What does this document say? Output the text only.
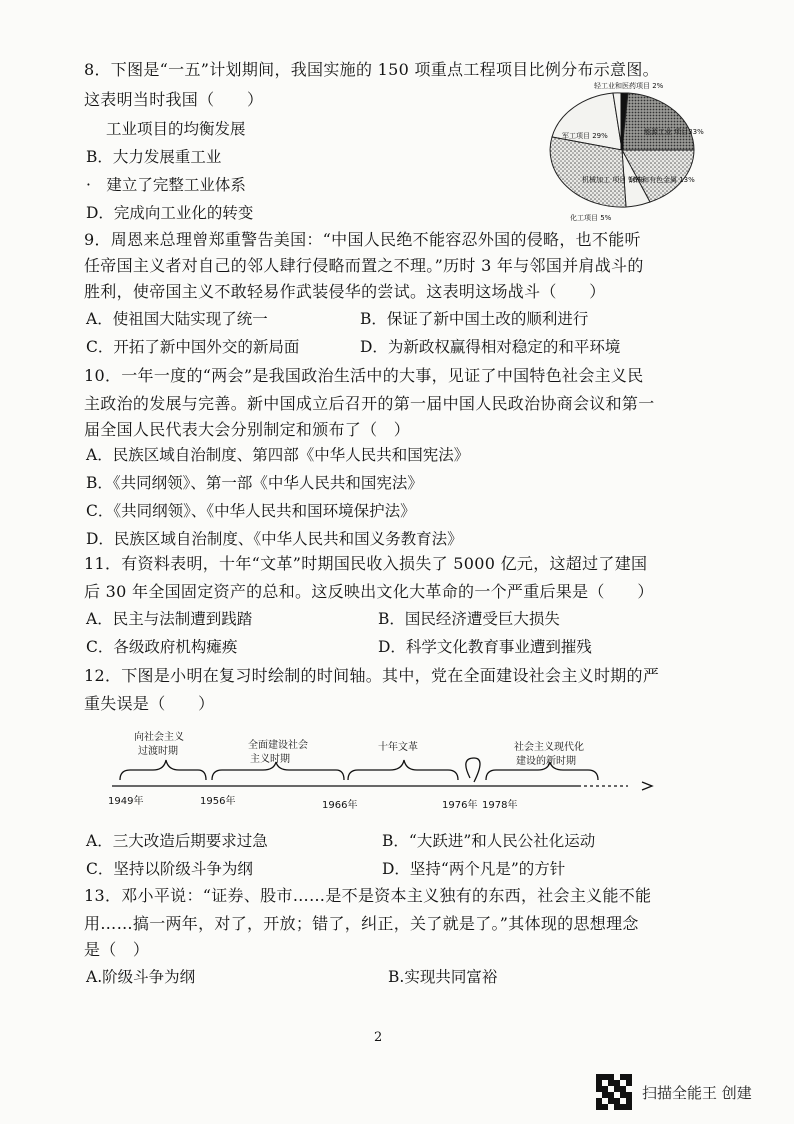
8．下图是“一五”计划期间，我国实施的 150 项重点工程项目比例分布示意图。
这表明当时我国（　　）
工业项目的均衡发展
B．大力发展重工业
·　建立了完整工业体系
D．完成向工业化的转变
轻工业和医药项目 2%
军工项目 29%	能源工业 项目33%
机械加工 项目 16%
钢铁和有色金属 13%
化工项目 5%
9．周恩来总理曾郑重警告美国：“中国人民绝不能容忍外国的侵略，也不能听
任帝国主义者对自己的邻人肆行侵略而置之不理。”历时 3 年与邻国并肩战斗的
胜利，使帝国主义不敢轻易作武装侵华的尝试。这表明这场战斗（　　）
A．使祖国大陆实现了统一	B．保证了新中国土改的顺利进行
C．开拓了新中国外交的新局面	D．为新政权赢得相对稳定的和平环境
10．一年一度的“两会”是我国政治生活中的大事，见证了中国特色社会主义民
主政治的发展与完善。新中国成立后召开的第一届中国人民政治协商会议和第一
届全国人民代表大会分别制定和颁布了（　）
A．民族区域自治制度、第四部《中华人民共和国宪法》
B．《共同纲领》、第一部《中华人民共和国宪法》
C．《共同纲领》、《中华人民共和国环境保护法》
D．民族区域自治制度、《中华人民共和国义务教育法》
11．有资料表明，十年“文革”时期国民收入损失了 5000 亿元，这超过了建国
后 30 年全国固定资产的总和。这反映出文化大革命的一个严重后果是（　　）
A．民主与法制遭到践踏	B．国民经济遭受巨大损失
C．各级政府机构瘫痪	D．科学文化教育事业遭到摧残
12．下图是小明在复习时绘制的时间轴。其中，党在全面建设社会主义时期的严
重失误是（　　）
向社会主义
过渡时期
全面建设社会
主义时期
十年文革	社会主义现代化
建设的新时期
1949年	1956年	1966年	1976年 1978年
A．三大改造后期要求过急	B．“大跃进”和人民公社化运动
C．坚持以阶级斗争为纲	D．坚持“两个凡是”的方针
13．邓小平说：“证券、股市……是不是资本主义独有的东西，社会主义能不能
用……搞一两年，对了，开放；错了，纠正，关了就是了。”其体现的思想理念
是（　）
A.阶级斗争为纲	B.实现共同富裕
2
扫描全能王 创建
